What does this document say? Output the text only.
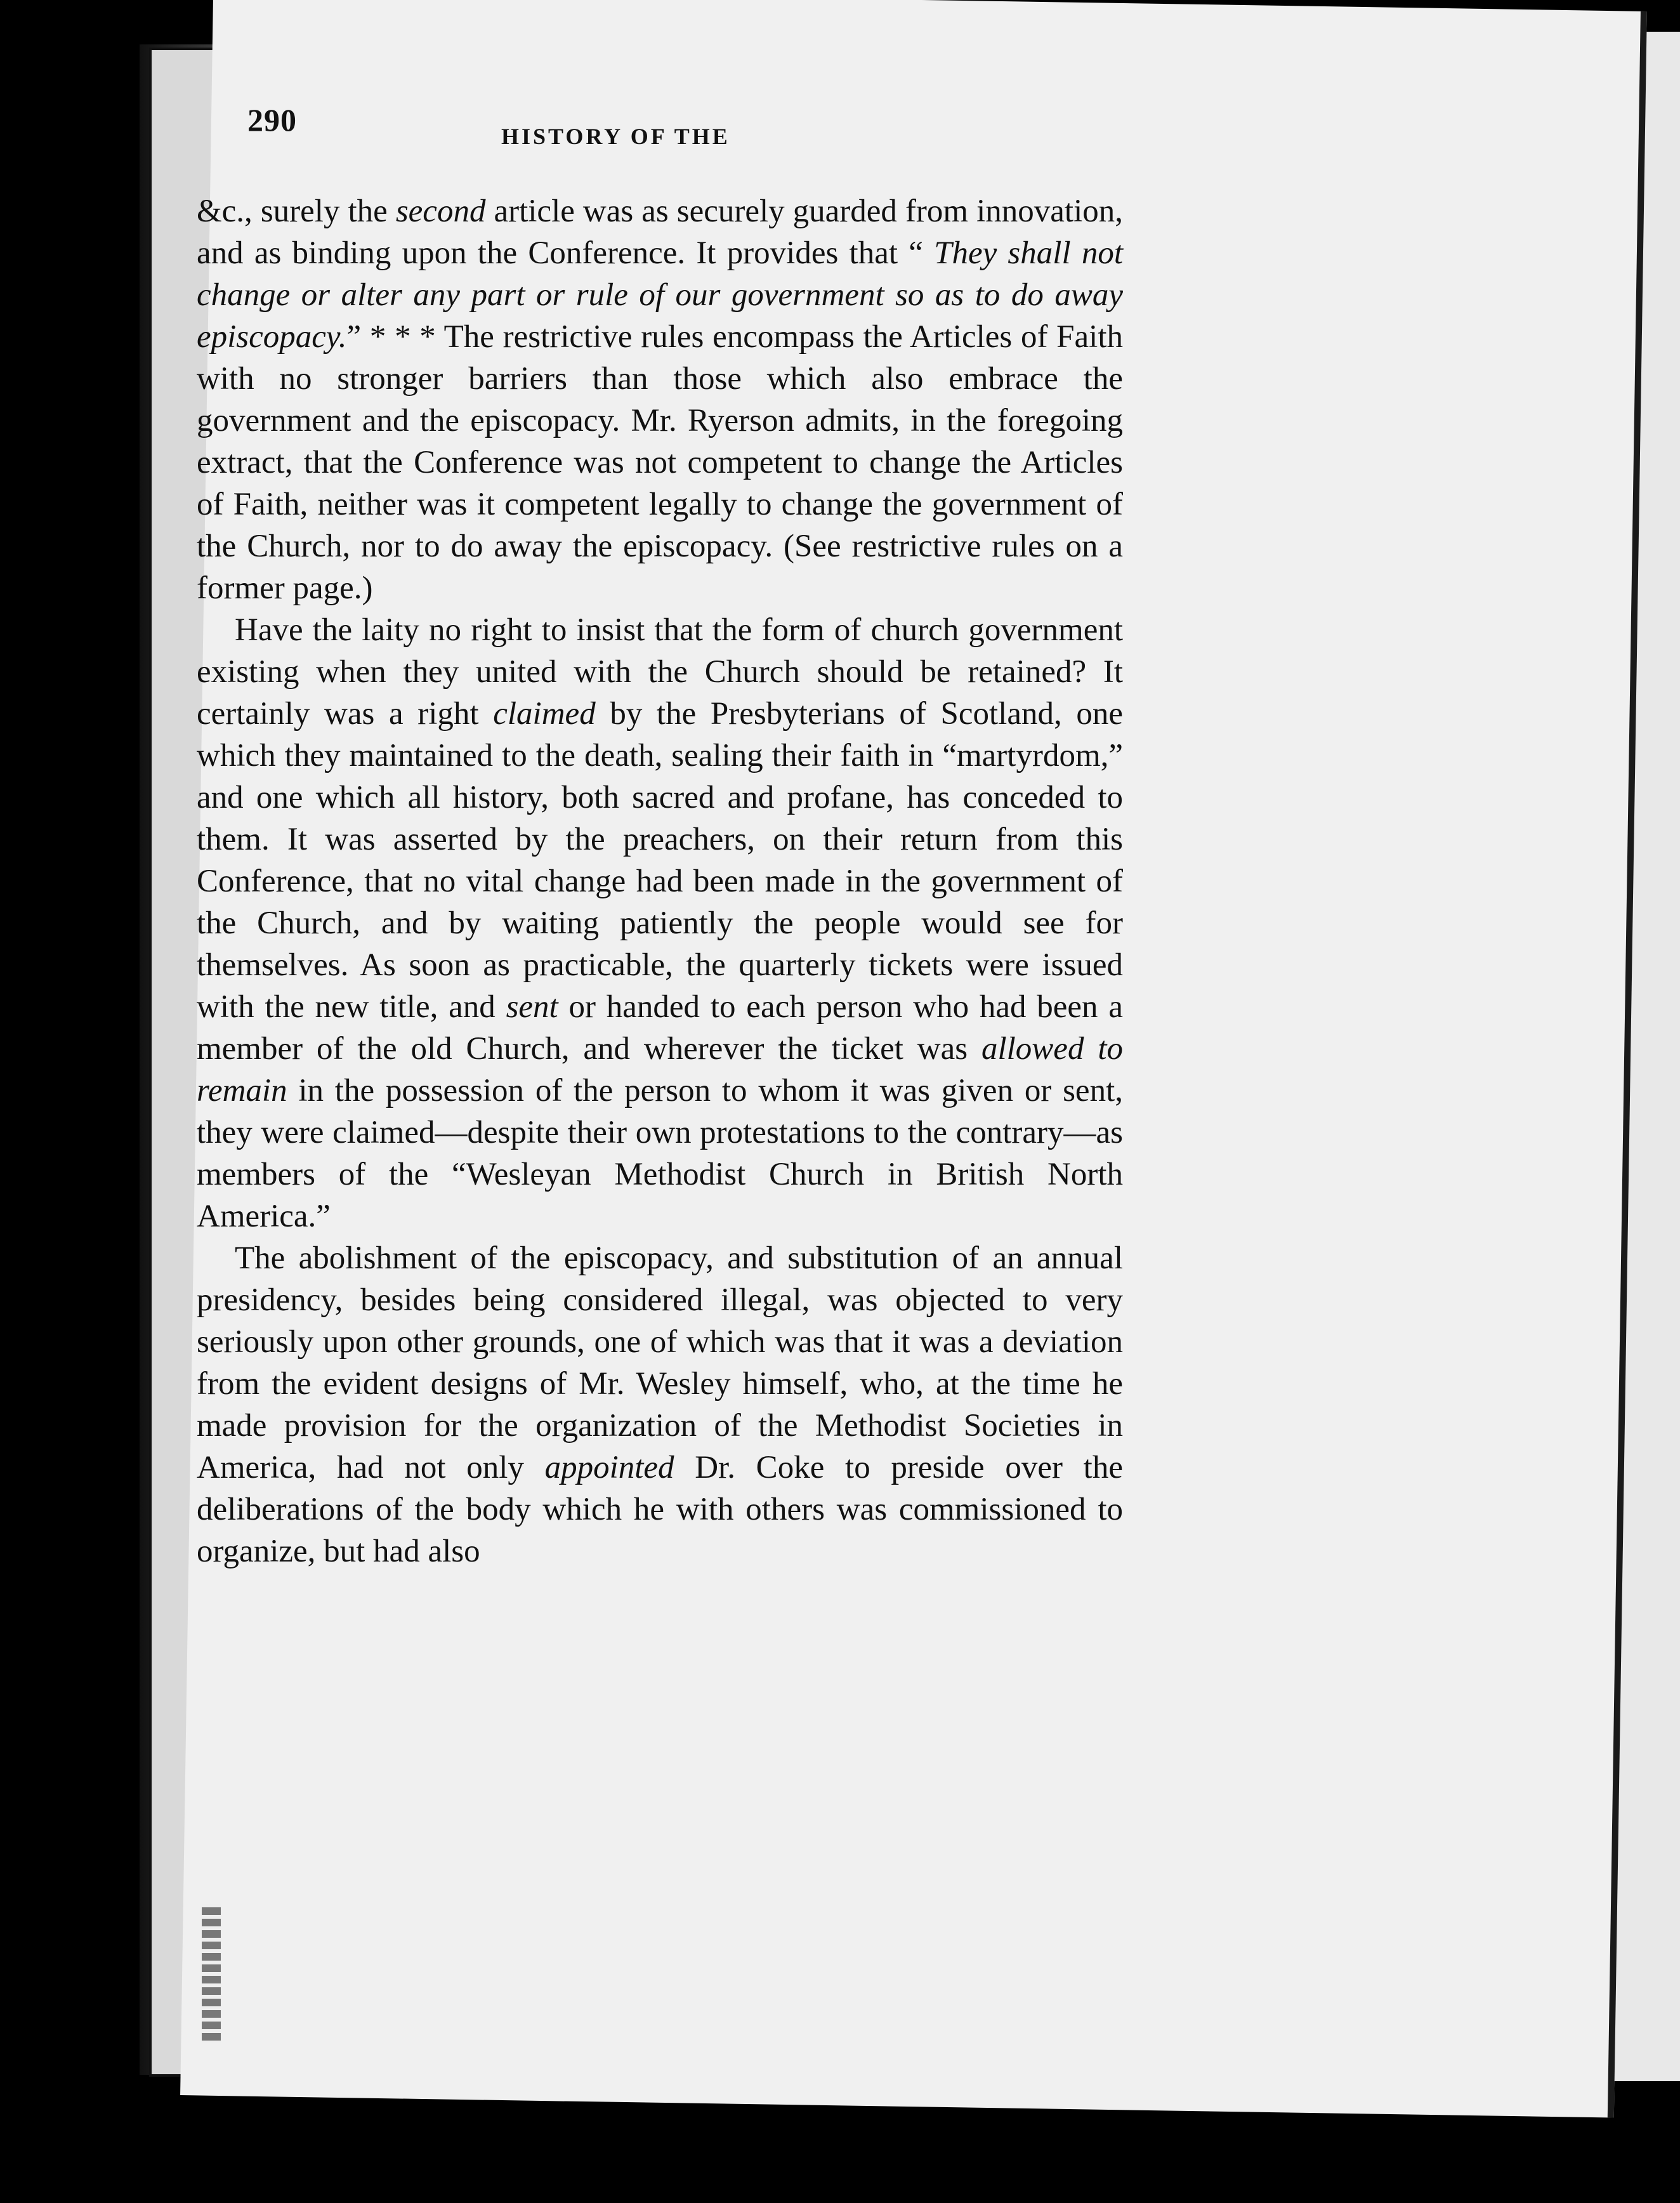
290	HISTORY OF THE

&c., surely the second article was as securely guarded from innovation, and as binding upon the Conference. It provides that “ They shall not change or alter any part or rule of our government so as to do away episcopacy.” * * * The restrictive rules encompass the Articles of Faith with no stronger barriers than those which also embrace the government and the episcopacy. Mr. Ryerson admits, in the foregoing extract, that the Conference was not competent to change the Articles of Faith, neither was it competent legally to change the government of the Church, nor to do away the episcopacy. (See restrictive rules on a former page.)

Have the laity no right to insist that the form of church government existing when they united with the Church should be retained? It certainly was a right claimed by the Presbyterians of Scotland, one which they maintained to the death, sealing their faith in “martyrdom,” and one which all history, both sacred and profane, has conceded to them. It was asserted by the preachers, on their return from this Conference, that no vital change had been made in the government of the Church, and by waiting patiently the people would see for themselves. As soon as practicable, the quarterly tickets were issued with the new title, and sent or handed to each person who had been a member of the old Church, and wherever the ticket was allowed to remain in the possession of the person to whom it was given or sent, they were claimed—despite their own protestations to the contrary—as members of the “Wesleyan Methodist Church in British North America.”

The abolishment of the episcopacy, and substitution of an annual presidency, besides being considered illegal, was objected to very seriously upon other grounds, one of which was that it was a deviation from the evident designs of Mr. Wesley himself, who, at the time he made provision for the organization of the Methodist Societies in America, had not only appointed Dr. Coke to preside over the deliberations of the body which he with others was commissioned to organize, but had also
